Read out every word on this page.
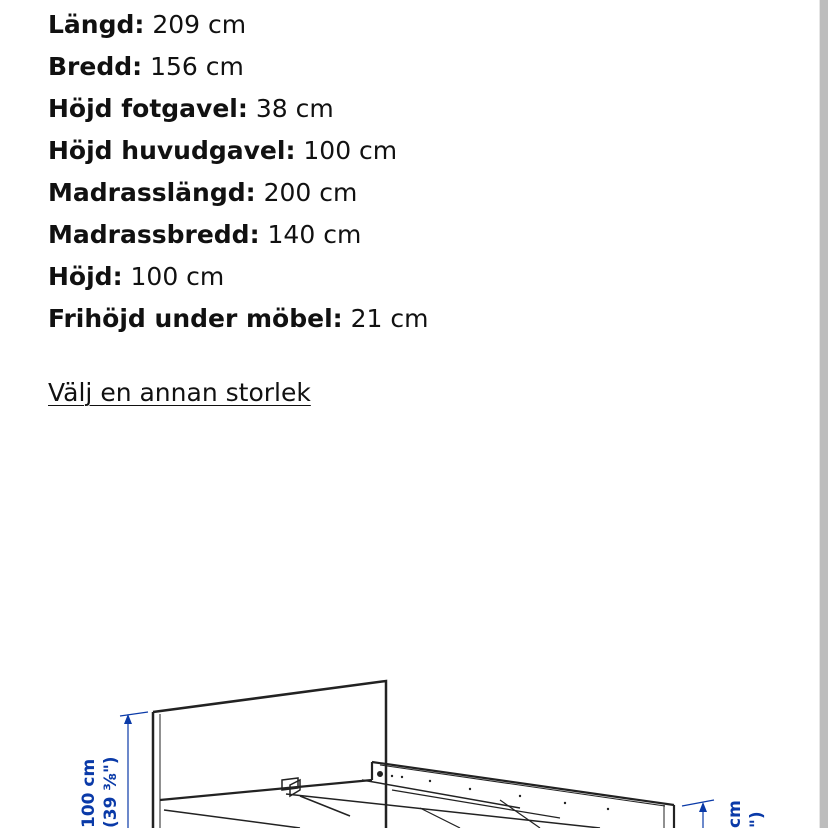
Längd: 209 cm
Bredd: 156 cm
Höjd fotgavel: 38 cm
Höjd huvudgavel: 100 cm
Madrasslängd: 200 cm
Madrassbredd: 140 cm
Höjd: 100 cm
Frihöjd under möbel: 21 cm
Välj en annan storlek
100 cm (39 ⅜")	cm ")
